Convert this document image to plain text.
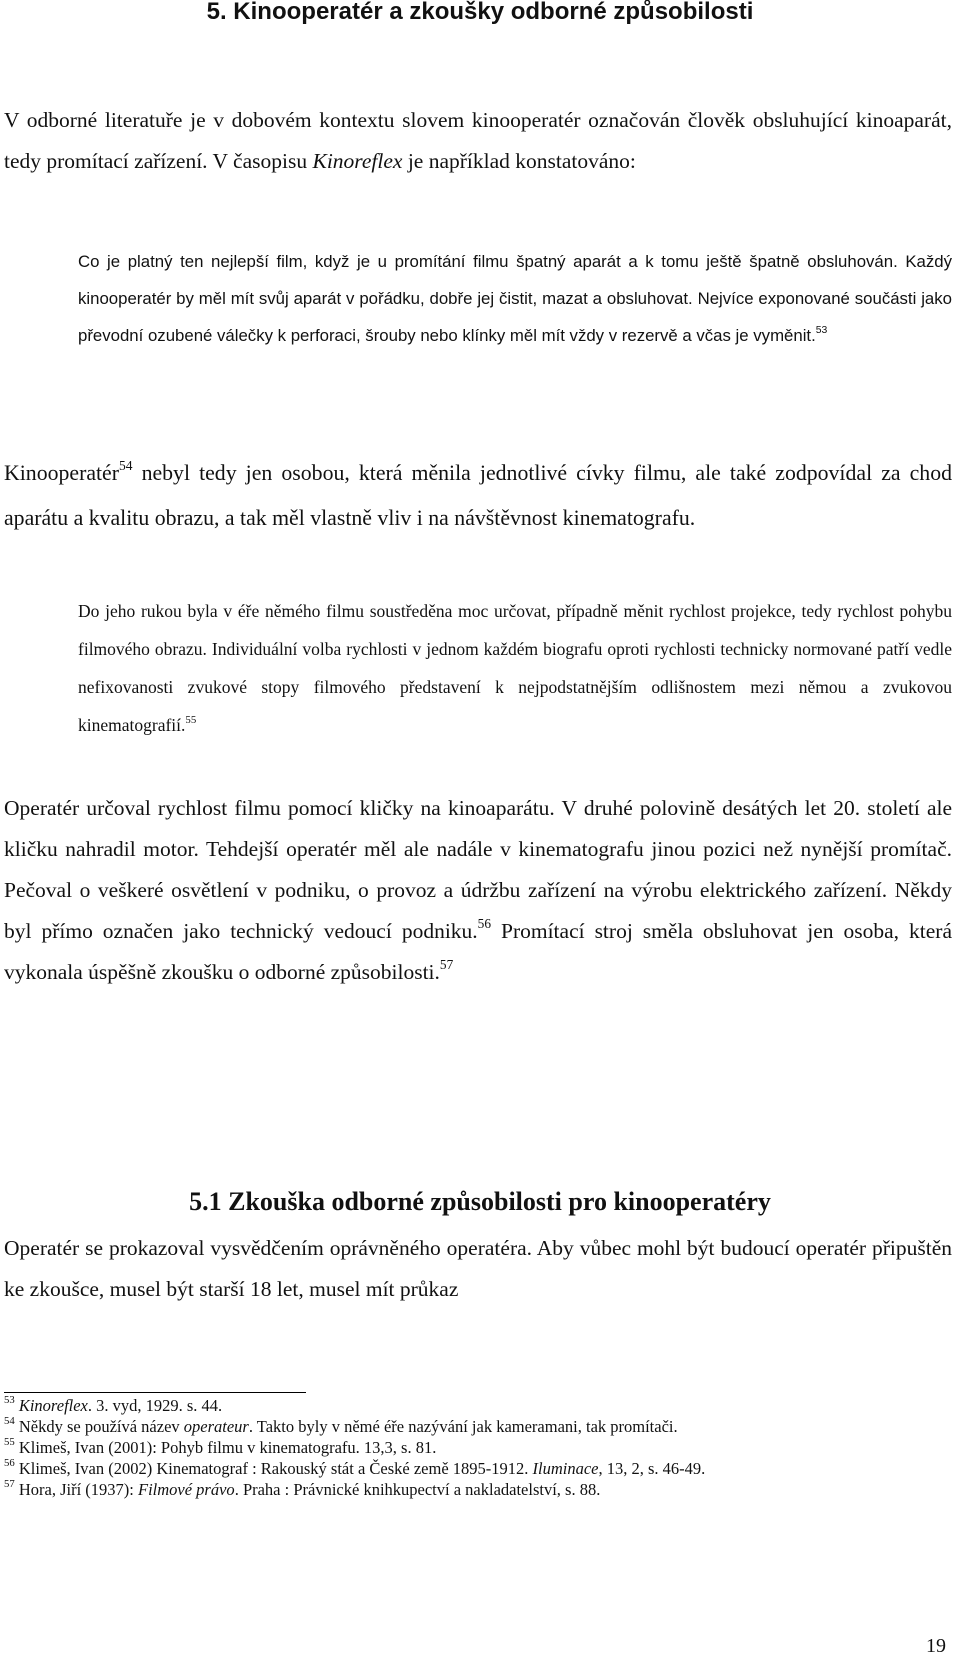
5. Kinooperatér a zkoušky odborné způsobilosti

V odborné literatuře je v dobovém kontextu slovem kinooperatér označován člověk obsluhující kinoaparát, tedy promítací zařízení. V časopisu Kinoreflex je například konstatováno:

Co je platný ten nejlepší film, když je u promítání filmu špatný aparát a k tomu ještě špatně obsluhován. Každý kinooperatér by měl mít svůj aparát v pořádku, dobře jej čistit, mazat a obsluhovat. Nejvíce exponované součásti jako převodní ozubené válečky k perforaci, šrouby nebo klínky měl mít vždy v rezervě a včas je vyměnit.$^{53}$

Kinooperatér$^{54}$ nebyl tedy jen osobou, která měnila jednotlivé cívky filmu, ale také zodpovídal za chod aparátu a kvalitu obrazu, a tak měl vlastně vliv i na návštěvnost kinematografu.

Do jeho rukou byla v éře němého filmu soustředěna moc určovat, případně měnit rychlost projekce, tedy rychlost pohybu filmového obrazu. Individuální volba rychlosti v jednom každém biografu oproti rychlosti technicky normované patří vedle nefixovanosti zvukové stopy filmového představení k nejpodstatnějším odlišnostem mezi němou a zvukovou kinematografií.$^{55}$

Operatér určoval rychlost filmu pomocí kličky na kinoaparátu. V druhé polovině desátých let 20. století ale kličku nahradil motor. Tehdejší operatér měl ale nadále v kinematografu jinou pozici než nynější promítač. Pečoval o veškeré osvětlení v podniku, o provoz a údržbu zařízení na výrobu elektrického zařízení. Někdy byl přímo označen jako technický vedoucí podniku.$^{56}$ Promítací stroj směla obsluhovat jen osoba, která vykonala úspěšně zkoušku o odborné způsobilosti.$^{57}$

5.1 Zkouška odborné způsobilosti pro kinooperatéry

Operatér se prokazoval vysvědčením oprávněného operatéra. Aby vůbec mohl být budoucí operatér připuštěn ke zkoušce, musel být starší 18 let, musel mít průkaz

$^{53}$ Kinoreflex. 3. vyd, 1929. s. 44.

$^{54}$ Někdy se používá název operateur. Takto byly v němé éře nazývání jak kameramani, tak promítači.

$^{55}$ Klimeš, Ivan (2001): Pohyb filmu v kinematografu. 13,3, s. 81.

$^{56}$ Klimeš, Ivan (2002) Kinematograf : Rakouský stát a České země 1895-1912. Iluminace, 13, 2, s. 46-49.

$^{57}$ Hora, Jiří (1937): Filmové právo. Praha : Právnické knihkupectví a nakladatelství, s. 88.

19
